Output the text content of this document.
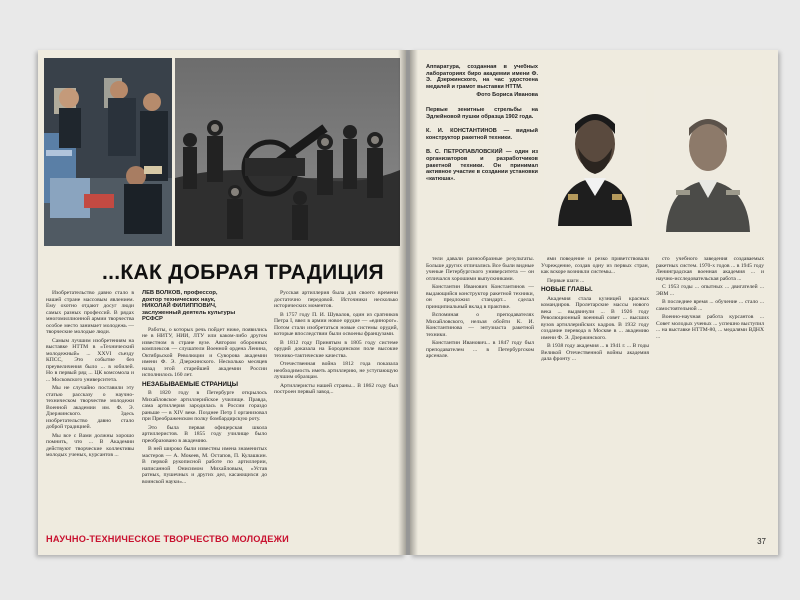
...КАК ДОБРАЯ ТРАДИЦИЯ

Изобретательство давно стало в нашей стране массовым явлением. Ему охотно отдают досуг люди самых разных профессий. В рядах многомиллионной армии творчества особое место занимает молодежь — творческие молодые люди.

Самым лучшим изобретениям на выставке НТТМ в «Технический молодежный» ... XXVI съезду КПСС, Это событие без преувеличения было ... в юбилей. Но в первый ряд ... ЦК комсомола и ... Московского университета.

Мы не случайно поставили эту статью рассказу о научно-техническом творчестве молодежи Военной академии им. Ф. Э. Дзержинского. Здесь изобретательство давно стало доброй традицией.

Мы все с Вами должны хорошо помнить, что ... В Академии действуют творческие коллективы молодых ученых, курсантов ...

ЛЕВ ВОЛКОВ, профессор,
доктор технических наук,
НИКОЛАЙ ФИЛИППОВИЧ,
заслуженный деятель культуры
РСФСР

Работы, о которых речь пойдет ниже, появились не в НИТУ, НИИ, ЛТУ или каком-либо другом известном в стране вузе. Автором оборонных комплексов — слушатели Военной ордена Ленина, Октябрьской Революции и Суворова академии имени Ф. Э. Дзержинского. Несколько месяцев назад этой старейшей академии России исполнилось 160 лет.

НЕЗАБЫВАЕМЫЕ СТРАНИЦЫ

В 1820 году в Петербурге открылось Михайловское артиллерийское училище. Правда, сама артиллерия зародилась в России гораздо раньше — в XIV веке. Позднее Петр I организовал при Преображенском полку бомбардирскую роту.

Это была первая офицерская школа артиллеристов. В 1855 году училище было преобразовано в академию.

В ней широко были известны имена знаменитых мастеров — А. Мокеев, М. Остапов, П. Кулашкин. В первой рукописной работе по артиллерии, написанной Онисимом Михайловым, «Устав ратных, пушечных и других дел, касающихся до воинской науки»...

Русская артиллерия была для своего времени достаточно передовой. Источники несколько исторических моментов.

В 1757 году П. И. Шувалов, один из сратников Петра I, ввел в армии новое орудие — «единорог». Потом стали изобретаться новые системы орудий, которые впоследствии были освоены французами.

В 1812 году Принятым в 1805 году системе орудий доказала на Бородинском поле высокие технико-тактические качества.

Отечественная война 1812 года показала необходимость иметь артиллерию, не уступающую лучшим образцам.

Артиллеристы нашей страны... В 1862 году был построен первый завод...

НАУЧНО-ТЕХНИЧЕСКОЕ ТВОРЧЕСТВО МОЛОДЕЖИ

Аппаратура, созданная в учебных лабораториях биро академии имени Ф. Э. Дзержинского, на час удостоена медалей и грамот выставки НТТМ.

Фото Бориса Иванова

Первые зенитные стрельбы на Эдлейновой пушки образца 1902 года.

К. И. КОНСТАНТИНОВ — видный конструктор ракетной техники.

В. С. ПЕТРОПАВЛОВСКИЙ — один из организаторов и разработчиков ракетной техники. Он принимал активное участие в создании установки «катюша».

тели давали разнообразные результаты. Больше других отличались Все были видные ученые Петербургского университета — он отличался хорошими выпускниками.

Константин Иванович Константинов — выдающийся конструктор ракетной техники, он предложил стандарт... сделал принципиальный вклад в практике.

Вспоминая о преподавателях Михайловского, нельзя обойти К. И. Константинова — энтузиаста ракетной техники.

Константин Иванович... в 1847 году был преподавателем ... в Петербургском арсенале.

ями поведение и резко приветствовали Учреждение, создав одну из первых стран, как вскоре возникли системы...

Первые шаги ...

НОВЫЕ ГЛАВЫ.

Академия стала кузницей красных командиров. Пролетарские массы нового века ... выдвинули ... В 1926 году Революционный военный совет ... высших вузов артиллерийских кадров. В 1932 году создание перевода в Москве в ... академию имени Ф. Э. Дзержинского.

В 1938 году академия ... в 1941 г. ... В годы Великой Отечественной войны академия дала фронту ...

сто учебного заведения создаваемых ракетных систем. 1970-х годов ... в 1945 году Ленинградская военная академия ... и научно-исследовательская работа ...

С 1953 годы ... опытных ... двигателей ... ЭВМ ...

В последнее время ... обучение ... стало ... самостоятельной ...

Военно-научная работа курсантов ... Совет молодых ученых ... успешно выступил ... на выставке НТТМ-80, ... медалями ВДНХ ...

37
